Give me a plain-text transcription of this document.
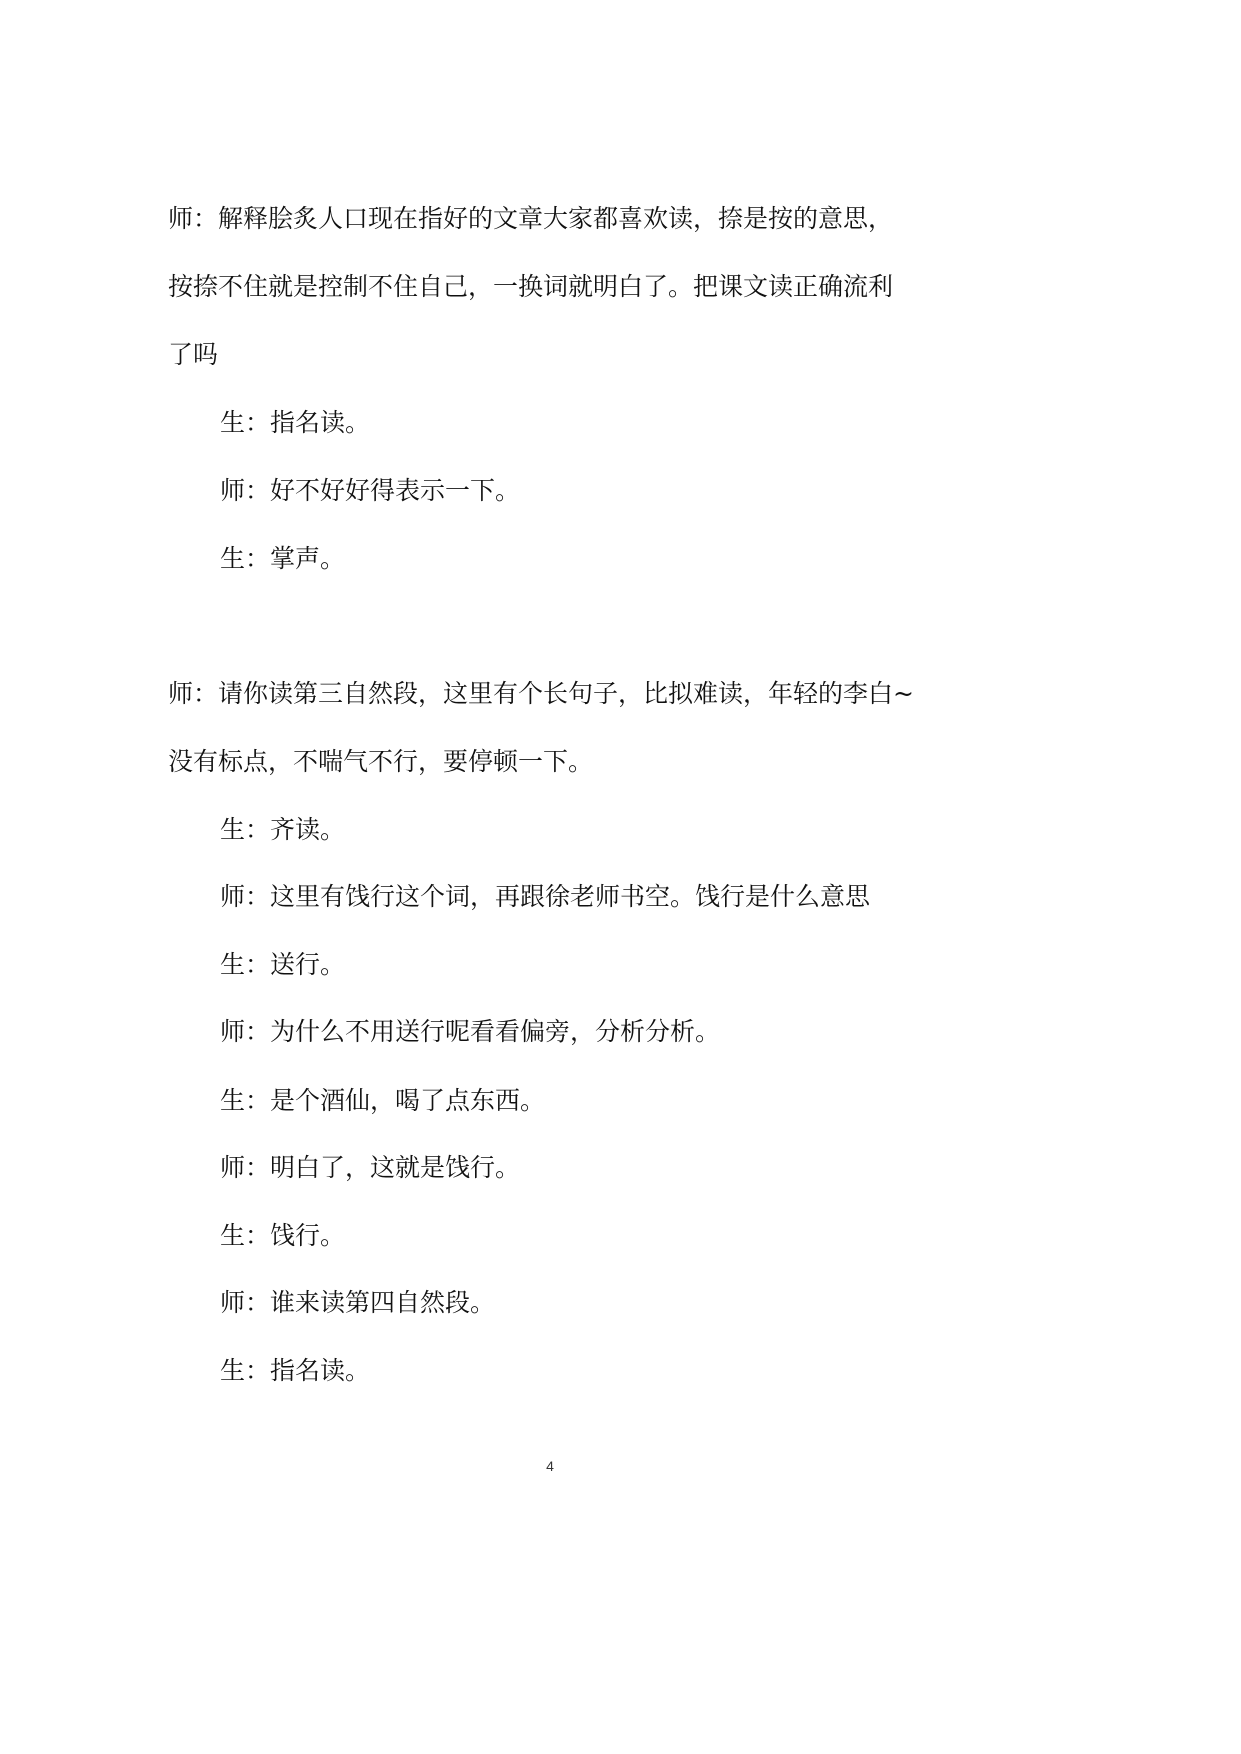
师：解释脍炙人口现在指好的文章大家都喜欢读，捺是按的意思，
按捺不住就是控制不住自己，一换词就明白了。把课文读正确流利
了吗
生：指名读。
师：好不好好得表示一下。
生：掌声。
师：请你读第三自然段，这里有个长句子，比拟难读，年轻的李白~
没有标点，不喘气不行，要停顿一下。
生：齐读。
师：这里有饯行这个词，再跟徐老师书空。饯行是什么意思
生：送行。
师：为什么不用送行呢看看偏旁，分析分析。
生：是个酒仙，喝了点东西。
师：明白了，这就是饯行。
生：饯行。
师：谁来读第四自然段。
生：指名读。
4
